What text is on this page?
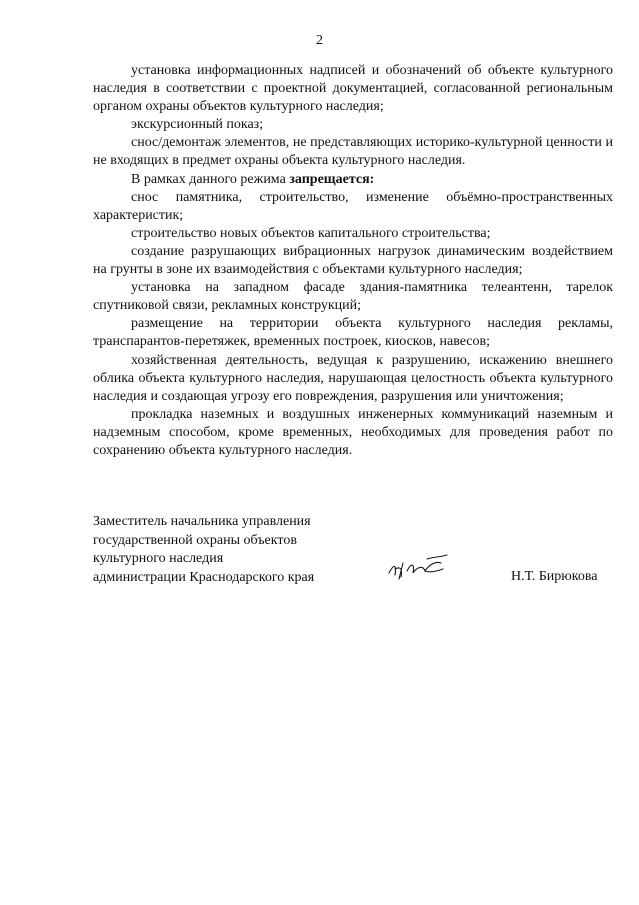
2

установка информационных надписей и обозначений об объекте культурного наследия в соответствии с проектной документацией, согласованной региональным органом охраны объектов культурного наследия;

экскурсионный показ;

снос/демонтаж элементов, не представляющих историко-культурной ценности и не входящих в предмет охраны объекта культурного наследия.

В рамках данного режима запрещается:

снос памятника, строительство, изменение объёмно-пространственных характеристик;

строительство новых объектов капитального строительства;

создание разрушающих вибрационных нагрузок динамическим воздействием на грунты в зоне их взаимодействия с объектами культурного наследия;

установка на западном фасаде здания-памятника телеантенн, тарелок спутниковой связи, рекламных конструкций;

размещение на территории объекта культурного наследия рекламы, транспарантов-перетяжек, временных построек, киосков, навесов;

хозяйственная деятельность, ведущая к разрушению, искажению внешнего облика объекта культурного наследия, нарушающая целостность объекта культурного наследия и создающая угрозу его повреждения, разрушения или уничтожения;

прокладка наземных и воздушных инженерных коммуникаций наземным и надземным способом, кроме временных, необходимых для проведения работ по сохранению объекта культурного наследия.

Заместитель начальника управления
государственной охраны объектов
культурного наследия
администрации Краснодарского края	Н.Т. Бирюкова
